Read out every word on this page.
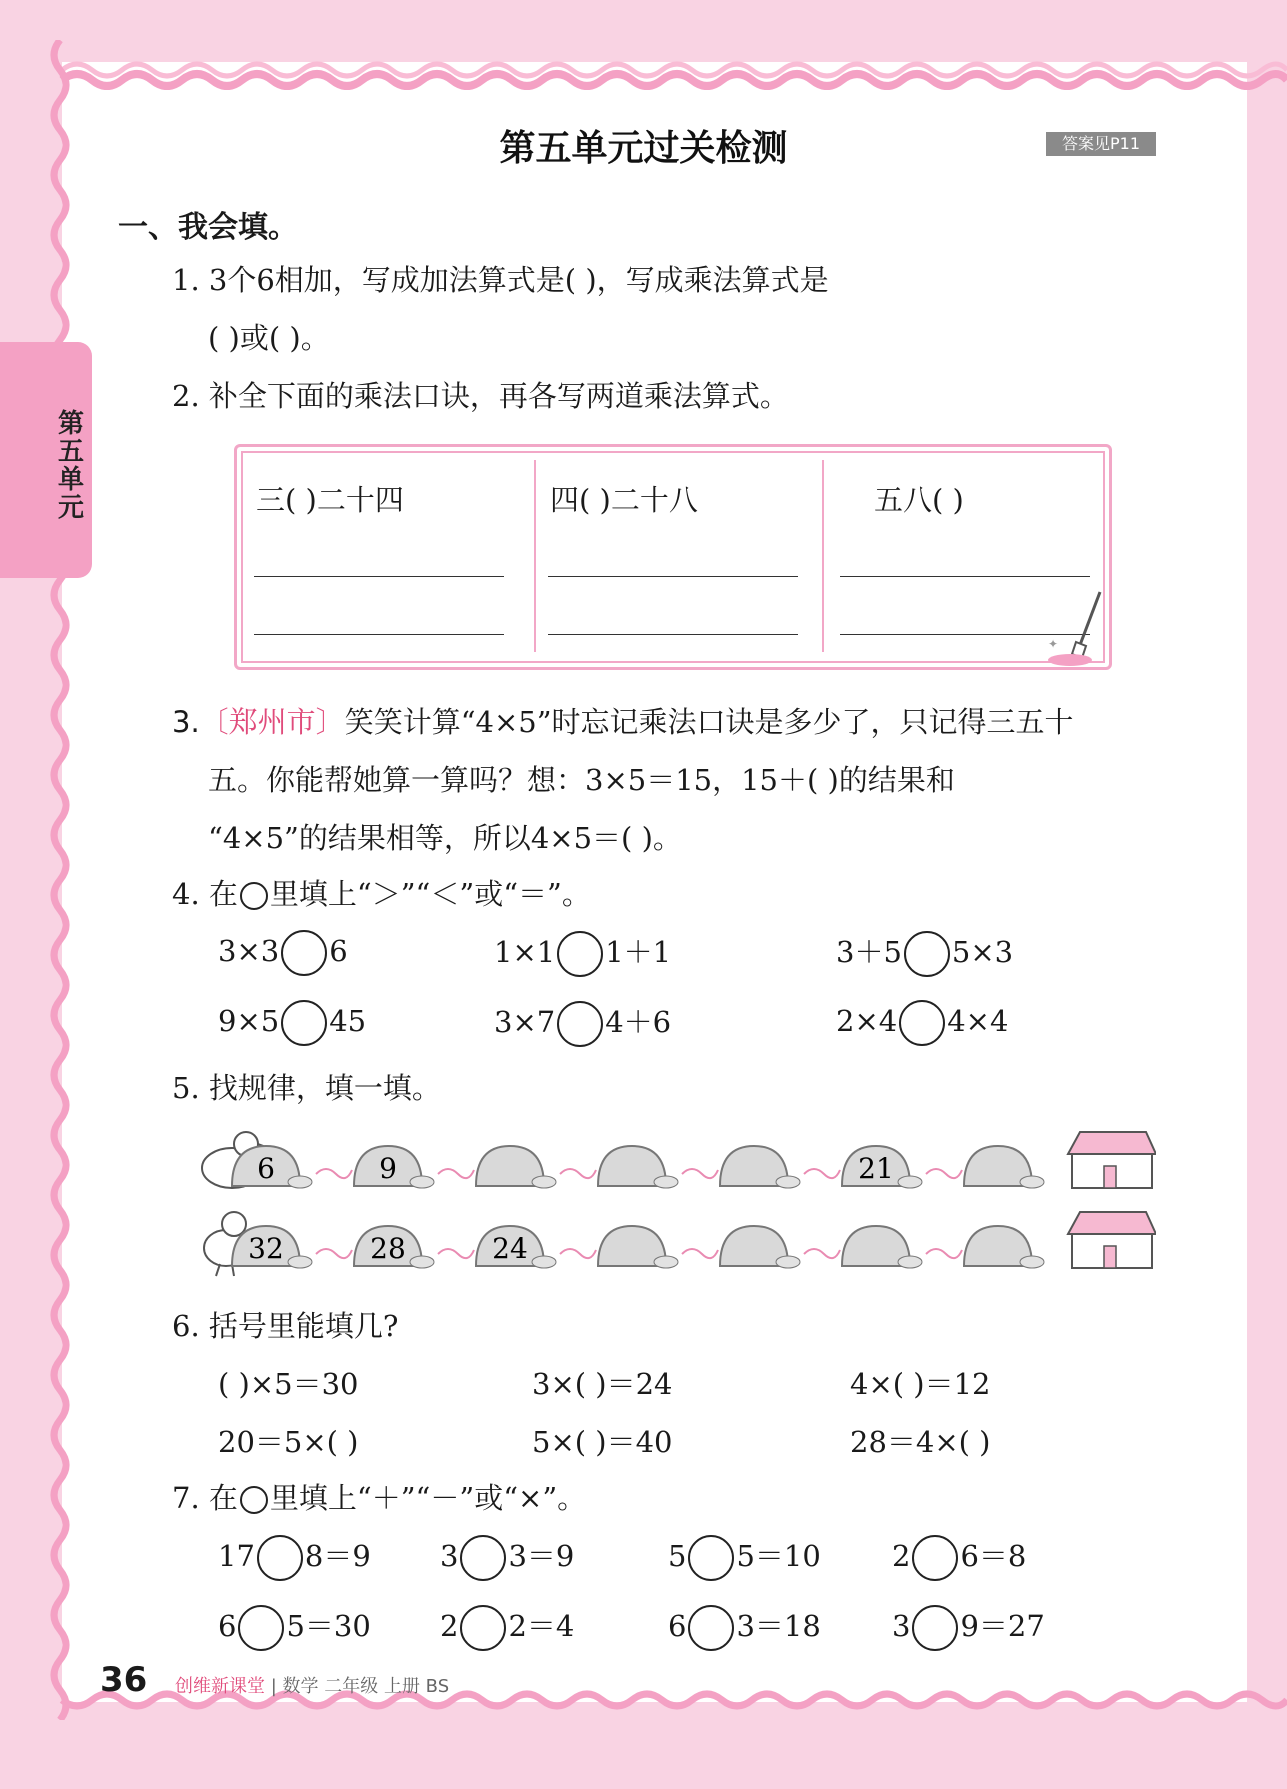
第五单元
第五单元过关检测	答案见P11
一、我会填。
1. 3个6相加，写成加法算式是( )，写成乘法算式是
( )或( )。
2. 补全下面的乘法口诀，再各写两道乘法算式。
三( )二十四	四( )二十八	五八( )
✦
3.〔郑州市〕笑笑计算“4×5”时忘记乘法口诀是多少了，只记得三五十
五。你能帮她算一算吗？想：3×5＝15，15＋( )的结果和
“4×5”的结果相等，所以4×5＝( )。
4. 在 里填上“＞”“＜”或“＝”。
3×3 6	1×1 1＋1	3＋5 5×3
9×5 45	3×7 4＋6	2×4 4×4
5. 找规律，填一填。
6	9	21
32	28	24
6. 括号里能填几?
( )×5＝30	3×( )＝24	4×( )＝12
20＝5×( )	5×( )＝40	28＝4×( )
7. 在 里填上“＋”“－”或“×”。
17 8＝9 3 3＝9	5 5＝10 2 6＝8
6 5＝30 2 2＝4	6 3＝18 3 9＝27
36 创维新课堂 | 数学 二年级 上册 BS
